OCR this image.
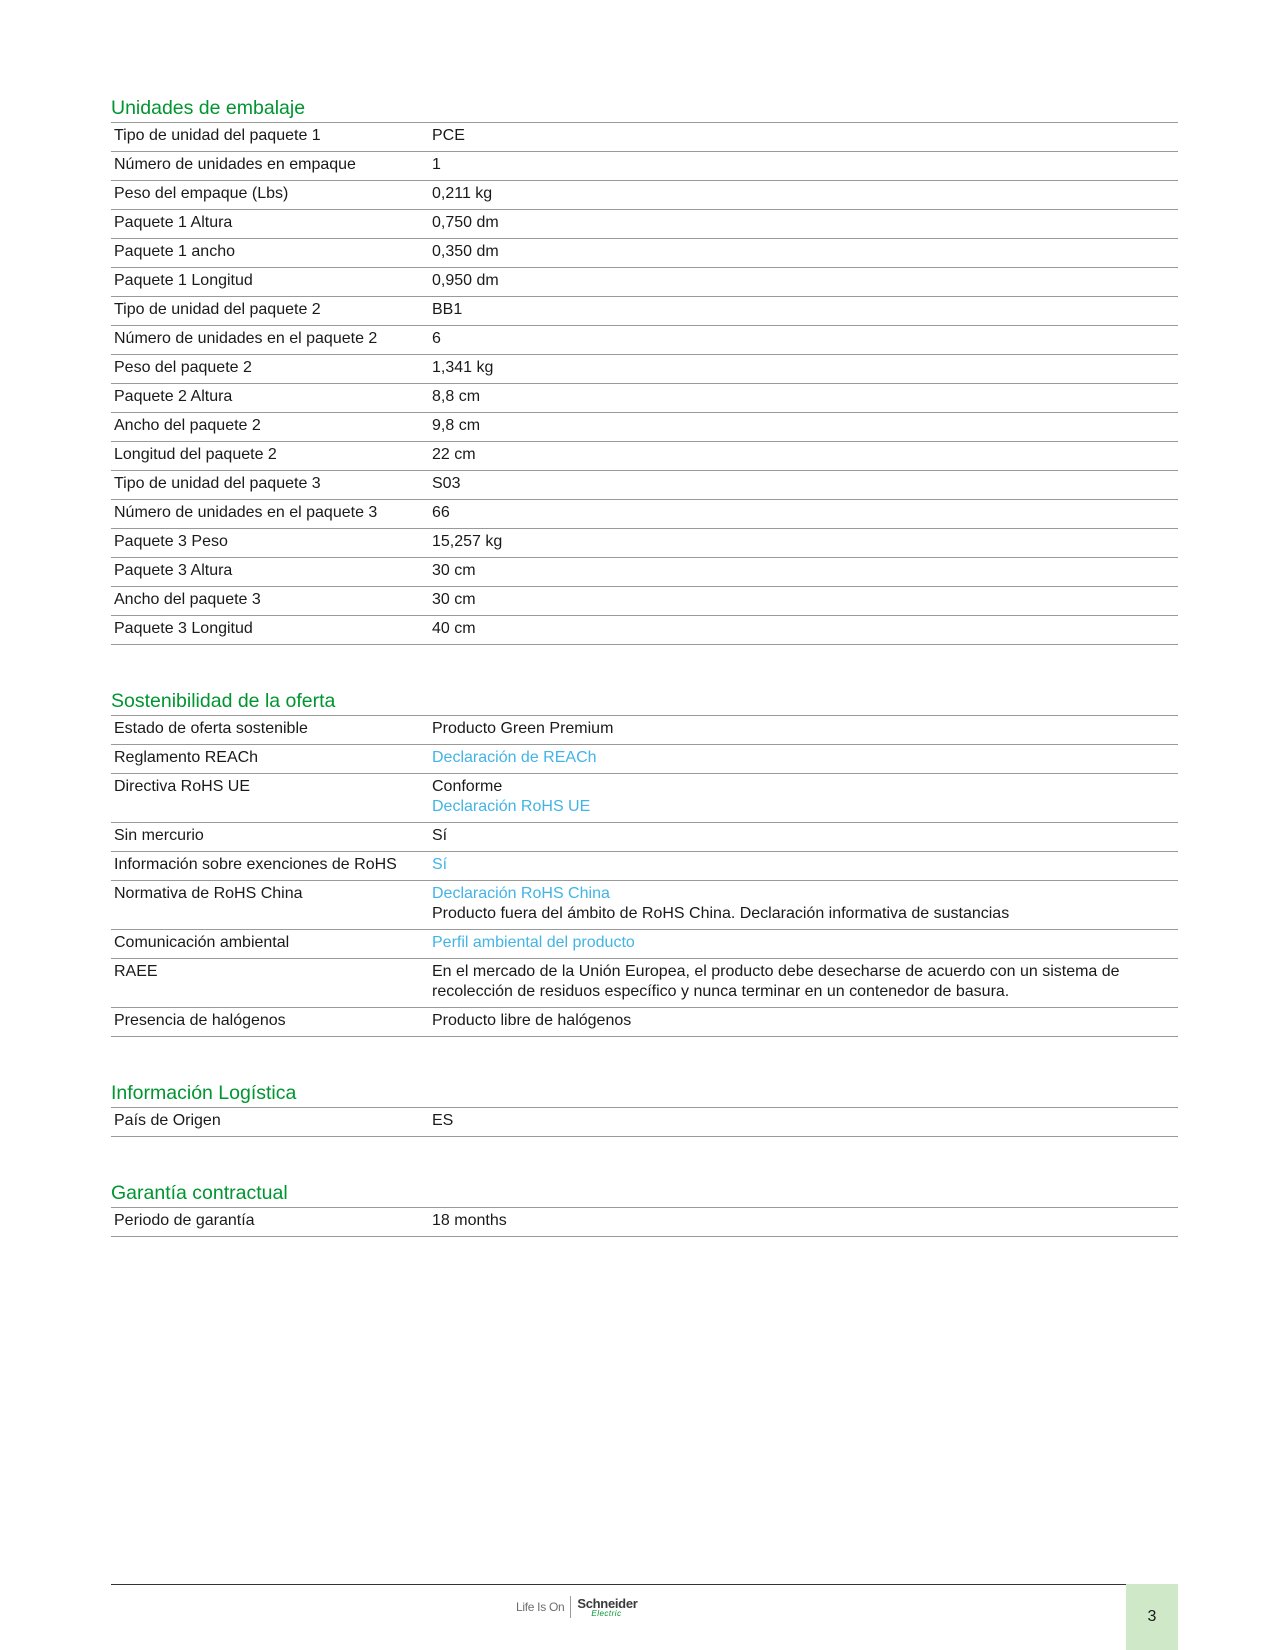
Unidades de embalaje
Tipo de unidad del paquete 1	PCE

Número de unidades en empaque	1

Peso del empaque (Lbs)	0,211 kg

Paquete 1 Altura	0,750 dm

Paquete 1 ancho	0,350 dm

Paquete 1 Longitud	0,950 dm

Tipo de unidad del paquete 2	BB1

Número de unidades en el paquete 2	6

Peso del paquete 2	1,341 kg

Paquete 2 Altura	8,8 cm

Ancho del paquete 2	9,8 cm

Longitud del paquete 2	22 cm

Tipo de unidad del paquete 3	S03

Número de unidades en el paquete 3	66

Paquete 3 Peso	15,257 kg

Paquete 3 Altura	30 cm

Ancho del paquete 3	30 cm

Paquete 3 Longitud	40 cm
Sostenibilidad de la oferta
Estado de oferta sostenible	Producto Green Premium

Reglamento REACh	Declaración de REACh

Directiva RoHS UE	Conforme
Declaración RoHS UE

Sin mercurio	Sí

Información sobre exenciones de RoHS	Sí

Normativa de RoHS China	Declaración RoHS China
Producto fuera del ámbito de RoHS China. Declaración informativa de sustancias

Comunicación ambiental	Perfil ambiental del producto

RAEE	En el mercado de la Unión Europea, el producto debe desecharse de acuerdo con un sistema de recolección de residuos específico y nunca terminar en un contenedor de basura.

Presencia de halógenos	Producto libre de halógenos
Información Logística
País de Origen	ES
Garantía contractual
Periodo de garantía	18 months
Life Is On Schneider
Electric	3
